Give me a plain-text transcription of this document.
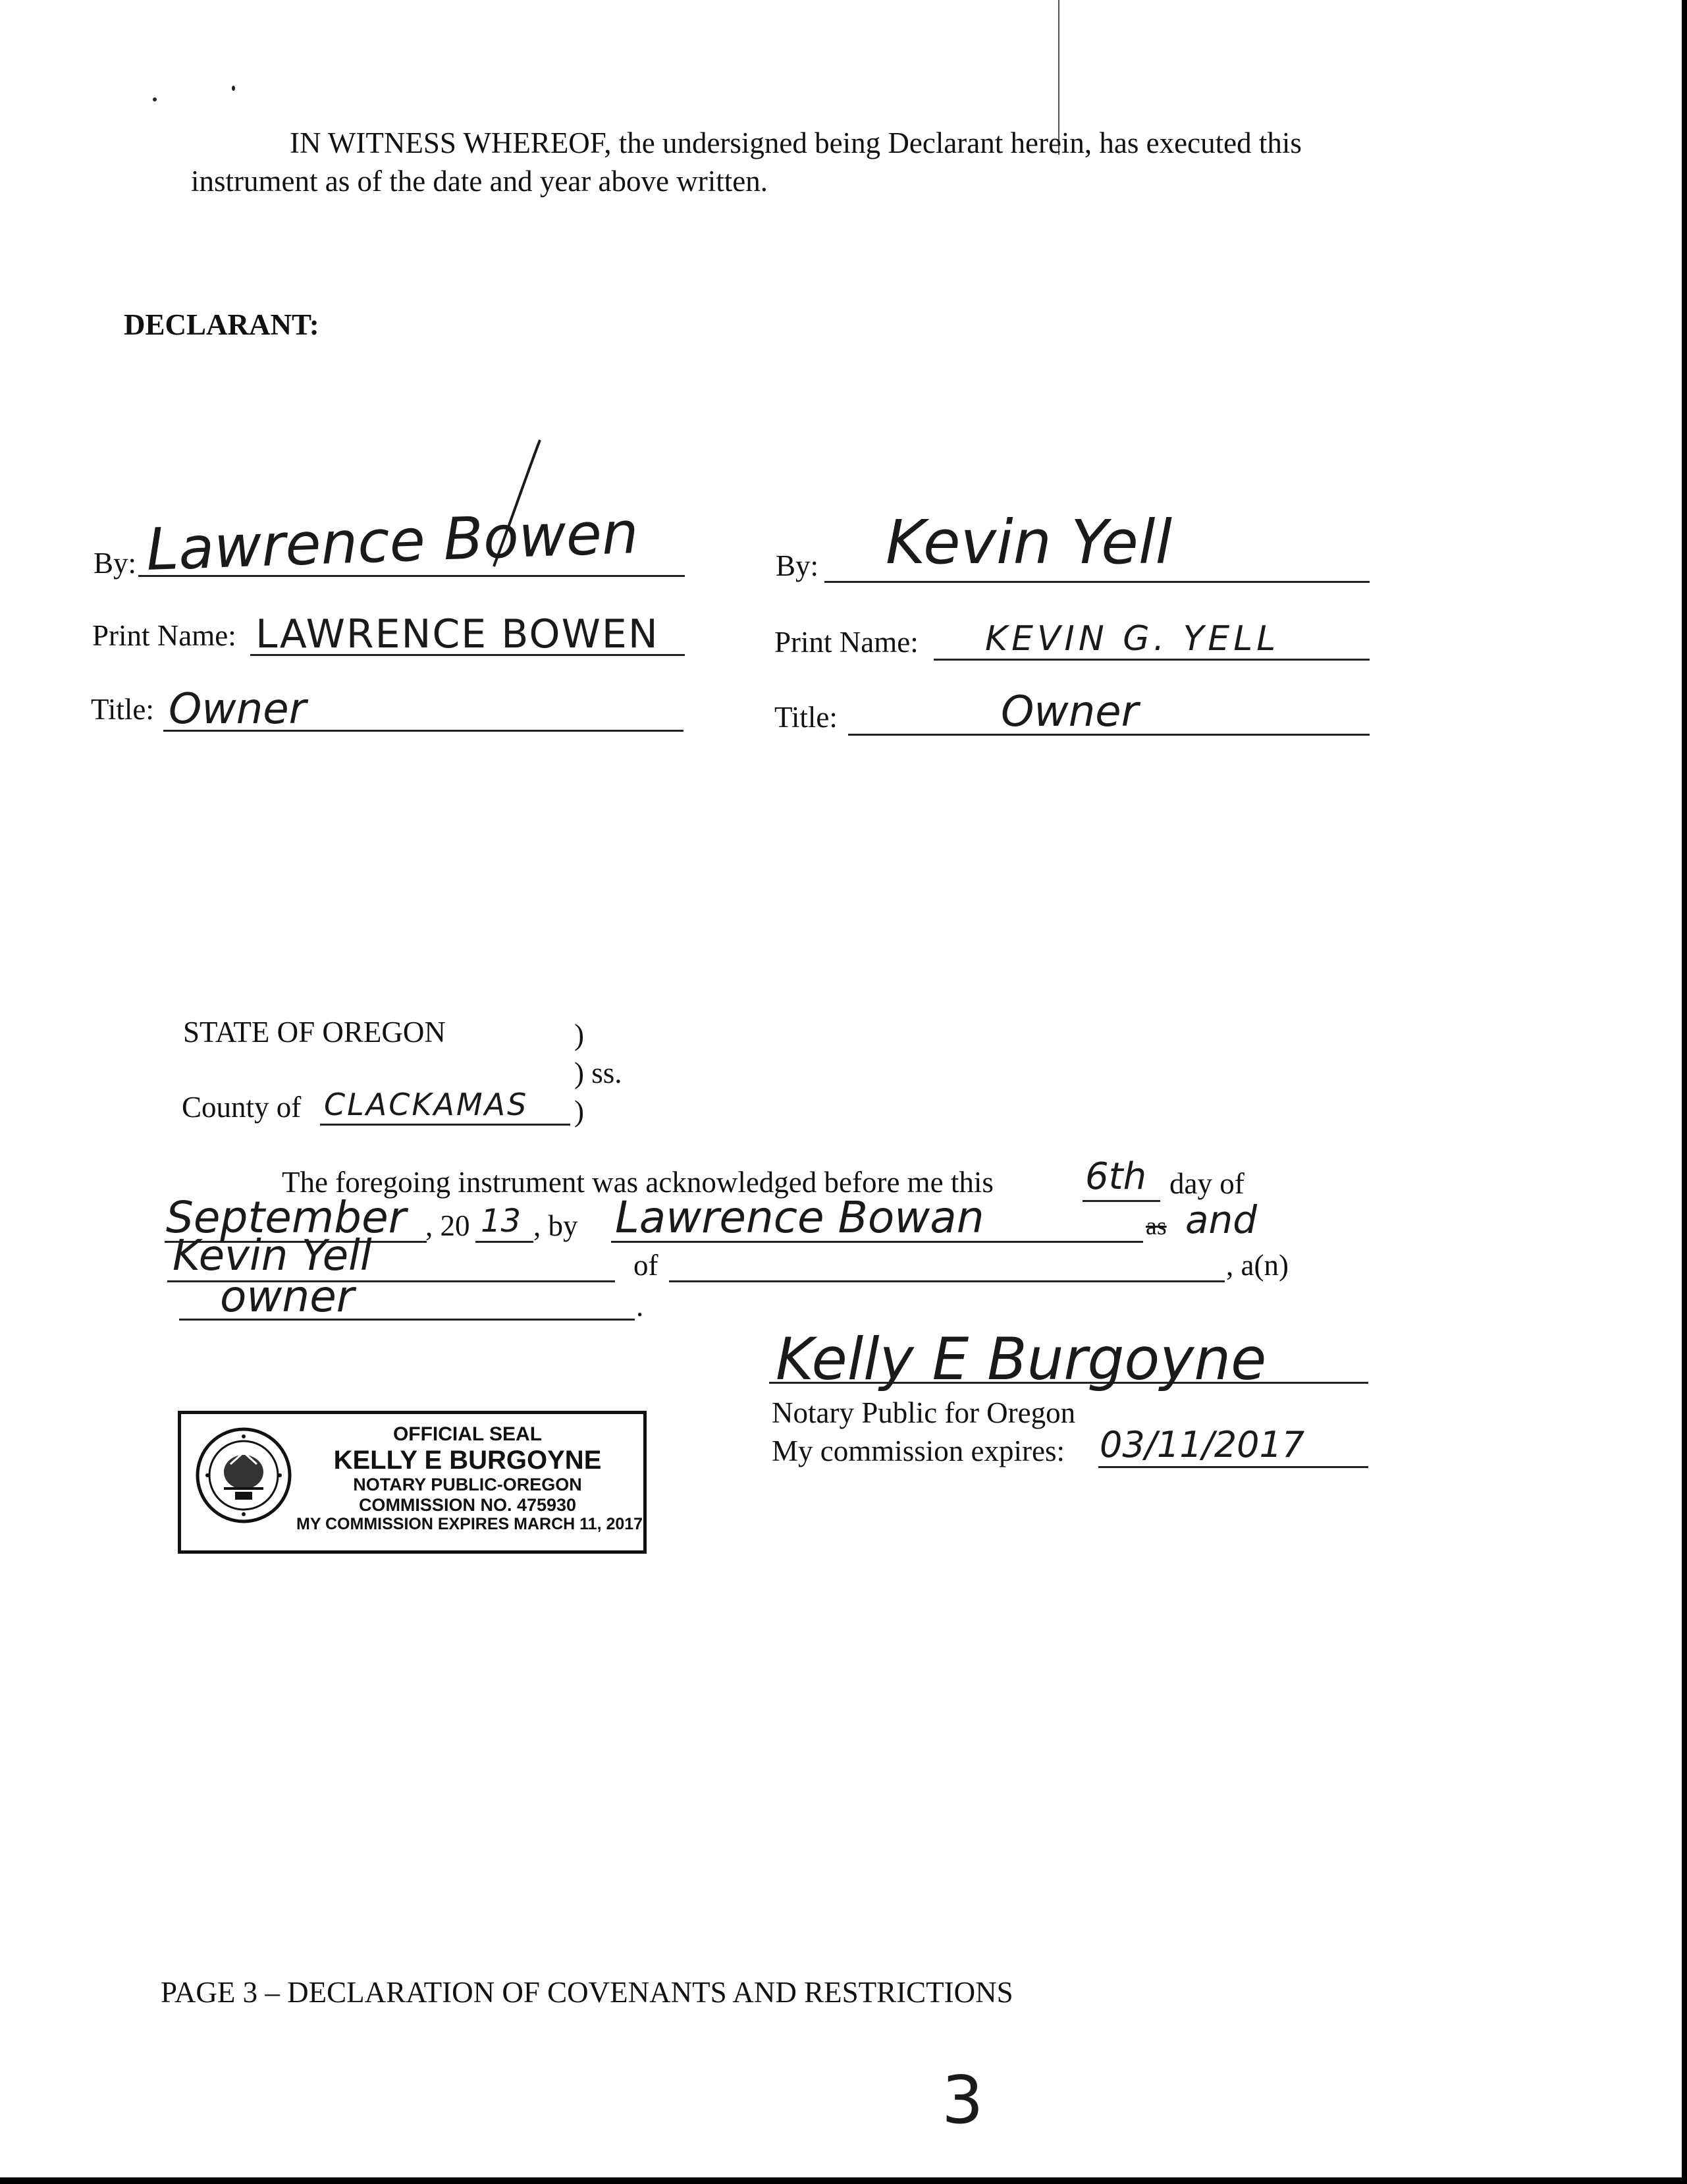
IN WITNESS WHEREOF, the undersigned being Declarant herein, has executed this
instrument as of the date and year above written.
DECLARANT:
By: Lawrence Bowen
Print Name: LAWRENCE BOWEN
Title: Owner
By: Kevin Yell
Print Name: KEVIN G. YELL
Title:	Owner
STATE OF OREGON	)
) ss.
County of CLACKAMAS )
The foregoing instrument was acknowledged before me this 6th day of
September , 20 13 , by Lawrence Bowan	as and
Kevin Yell	of	, a(n)
owner	.
Kelly E Burgoyne
Notary Public for Oregon
My commission expires: 03/11/2017
OFFICIAL SEAL
KELLY E BURGOYNE
NOTARY PUBLIC-OREGON
COMMISSION NO. 475930
MY COMMISSION EXPIRES MARCH 11, 2017
PAGE 3 – DECLARATION OF COVENANTS AND RESTRICTIONS
3
